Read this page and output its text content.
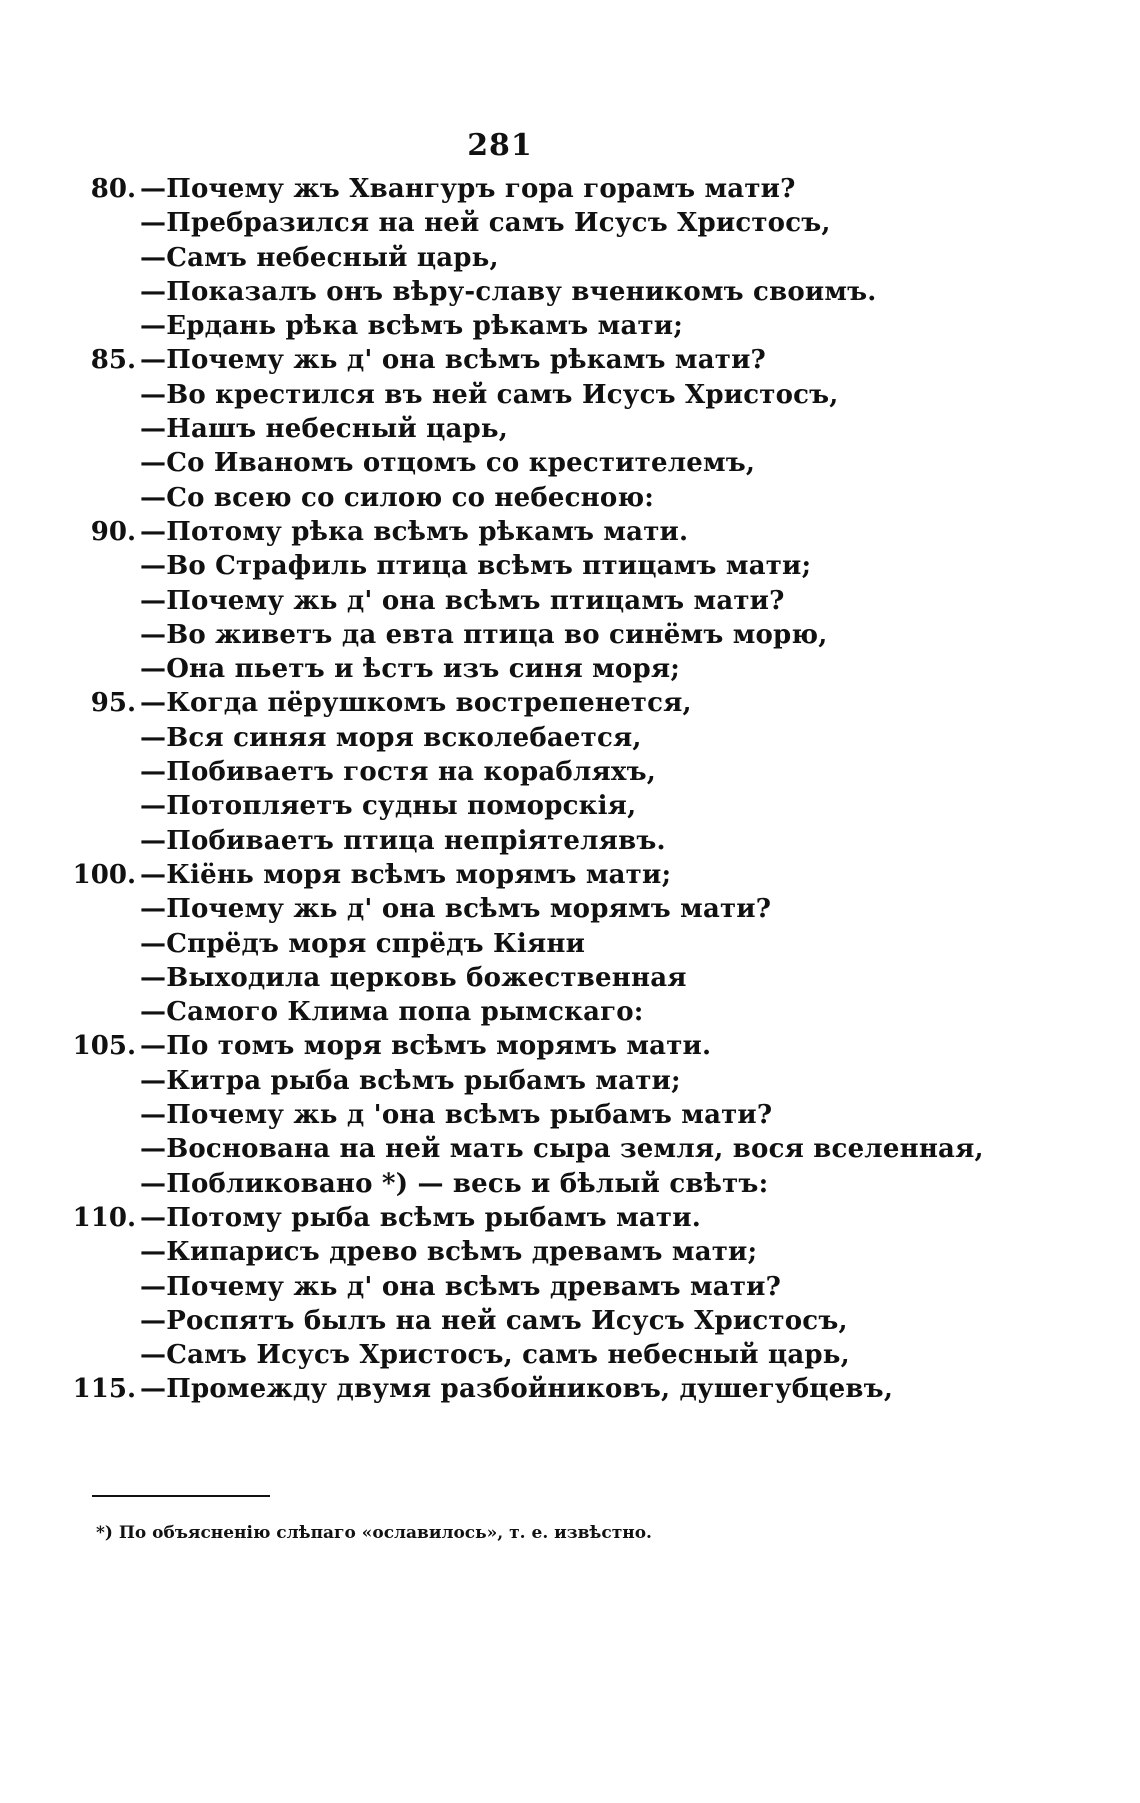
281
80. —Почему жъ Хвангуръ гора горамъ мати?
—Пребразился на ней самъ Исусъ Христосъ,
—Самъ небесный царь,
—Показалъ онъ вѣру-славу вченикомъ своимъ.
—Ердань рѣка всѣмъ рѣкамъ мати;
85. —Почему жь д' она всѣмъ рѣкамъ мати?
—Во крестился въ ней самъ Исусъ Христосъ,
—Нашъ небесный царь,
—Со Иваномъ отцомъ со крестителемъ,
—Со всею со силою со небесною:
90. —Потому рѣка всѣмъ рѣкамъ мати.
—Во Страфиль птица всѣмъ птицамъ мати;
—Почему жь д' она всѣмъ птицамъ мати?
—Во живетъ да евта птица во синёмъ морю,
—Она пьетъ и ѣстъ изъ синя моря;
95. —Когда пёрушкомъ вострепенется,
—Вся синяя моря всколебается,
—Побиваетъ гостя на корабляхъ,
—Потопляетъ судны поморскія,
—Побиваетъ птица непріятелявъ.
100. —Кіёнь моря всѣмъ морямъ мати;
—Почему жь д' она всѣмъ морямъ мати?
—Спрёдъ моря спрёдъ Кіяни
—Выходила церковь божественная
—Самого Клима попа рымскаго:
105. —По томъ моря всѣмъ морямъ мати.
—Китра рыба всѣмъ рыбамъ мати;
—Почему жь д 'она всѣмъ рыбамъ мати?
—Воснована на ней мать сыра земля, вося вселенная,
—Побликовано *) — весь и бѣлый свѣтъ:
110. —Потому рыба всѣмъ рыбамъ мати.
—Кипарисъ древо всѣмъ древамъ мати;
—Почему жь д' она всѣмъ древамъ мати?
—Роспятъ былъ на ней самъ Исусъ Христосъ,
—Самъ Исусъ Христосъ, самъ небесный царь,
115. —Промежду двумя разбойниковъ, душегубцевъ,
*) По объясненію слѣпаго «ославилось», т. е. извѣстно.
